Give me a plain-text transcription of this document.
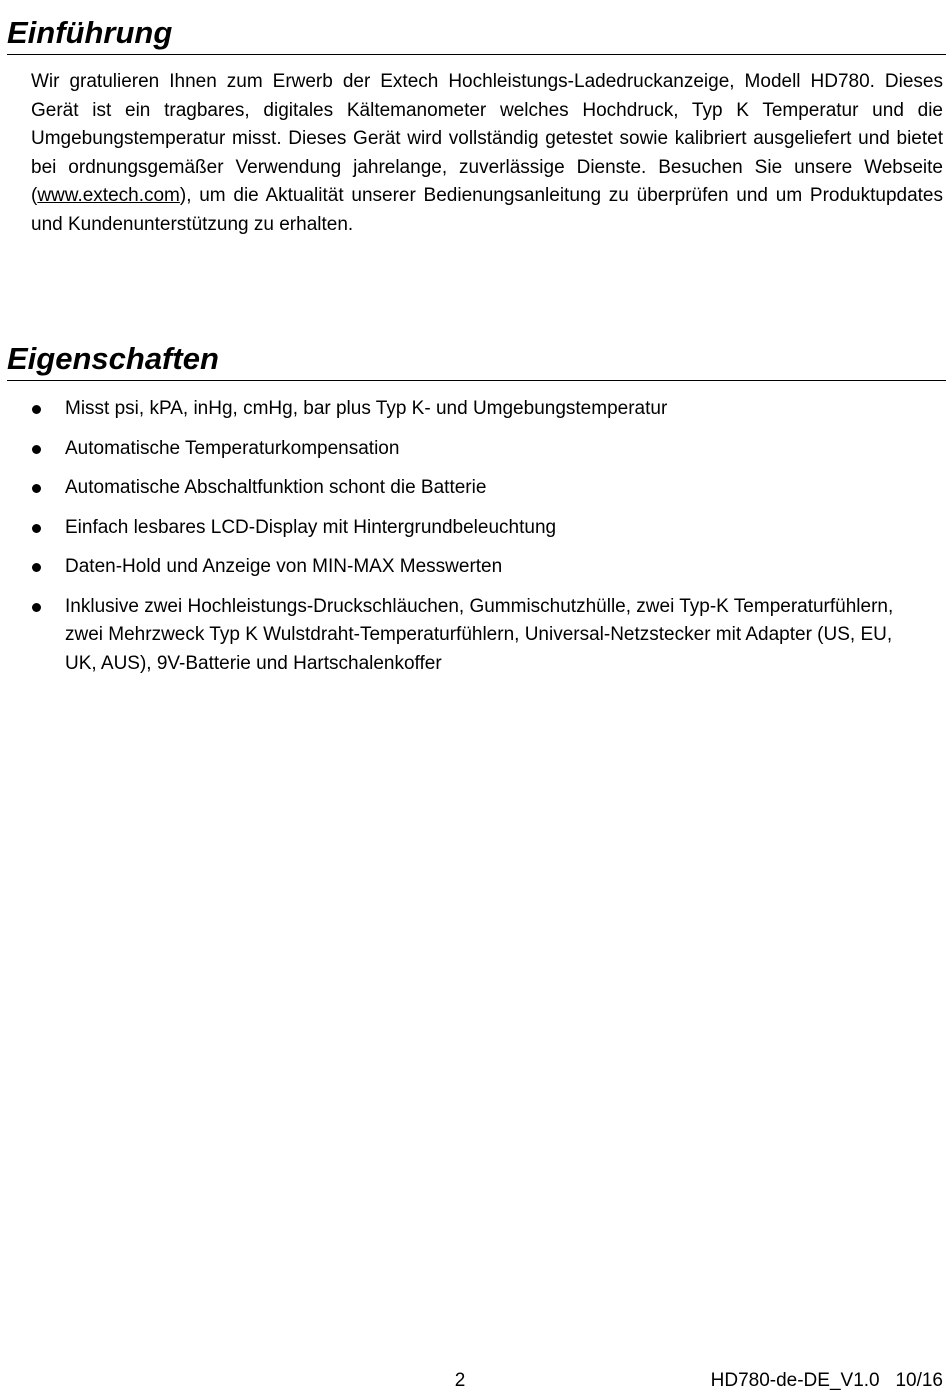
Einführung

Wir gratulieren Ihnen zum Erwerb der Extech Hochleistungs-Ladedruckanzeige, Modell HD780. Dieses Gerät ist ein tragbares, digitales Kältemanometer welches Hochdruck, Typ K Temperatur und die Umgebungstemperatur misst. Dieses Gerät wird vollständig getestet sowie kalibriert ausgeliefert und bietet bei ordnungsgemäßer Verwendung jahrelange, zuverlässige Dienste. Besuchen Sie unsere Webseite (www.extech.com), um die Aktualität unserer Bedienungsanleitung zu überprüfen und um Produktupdates und Kundenunterstützung zu erhalten.

Eigenschaften
Misst psi, kPA, inHg, cmHg, bar plus Typ K- und Umgebungstemperatur
Automatische Temperaturkompensation
Automatische Abschaltfunktion schont die Batterie
Einfach lesbares LCD-Display mit Hintergrundbeleuchtung
Daten-Hold und Anzeige von MIN-MAX Messwerten
Inklusive zwei Hochleistungs-Druckschläuchen, Gummischutzhülle, zwei Typ-K Temperaturfühlern, zwei Mehrzweck Typ K Wulstdraht-Temperaturfühlern, Universal-Netzstecker mit Adapter (US, EU, UK, AUS), 9V-Batterie und Hartschalenkoffer
2	HD780-de-DE_V1.0   10/16
